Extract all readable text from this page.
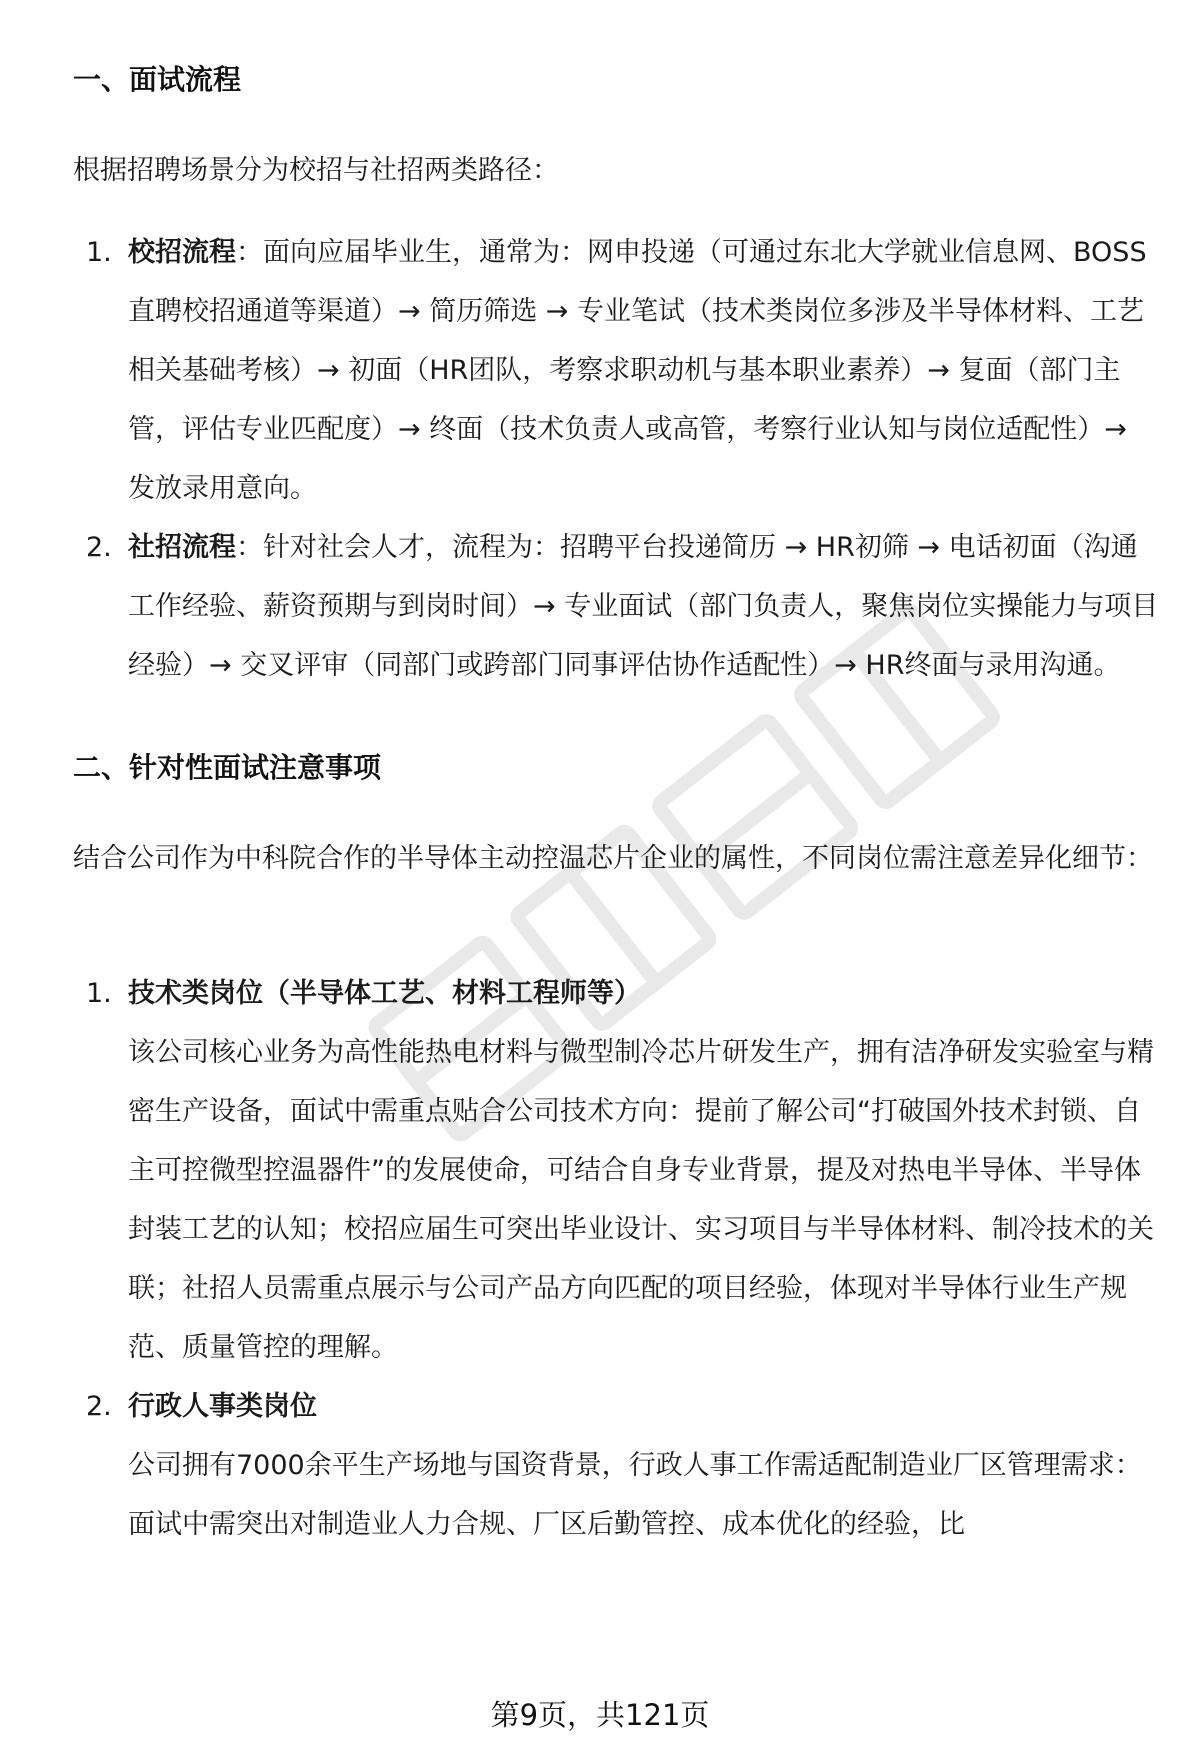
一、面试流程

根据招聘场景分为校招与社招两类路径：

1. 校招流程：面向应届毕业生，通常为：网申投递（可通过东北大学就业信息网、BOSS直聘校招通道等渠道）→ 简历筛选 → 专业笔试（技术类岗位多涉及半导体材料、工艺相关基础考核）→ 初面（HR团队，考察求职动机与基本职业素养）→ 复面（部门主管，评估专业匹配度）→ 终面（技术负责人或高管，考察行业认知与岗位适配性）→ 发放录用意向。
2. 社招流程：针对社会人才，流程为：招聘平台投递简历 → HR初筛 → 电话初面（沟通工作经验、薪资预期与到岗时间）→ 专业面试（部门负责人，聚焦岗位实操能力与项目经验）→ 交叉评审（同部门或跨部门同事评估协作适配性）→ HR终面与录用沟通。
二、针对性面试注意事项

结合公司作为中科院合作的半导体主动控温芯片企业的属性，不同岗位需注意差异化细节：

1. 技术类岗位（半导体工艺、材料工程师等）
该公司核心业务为高性能热电材料与微型制冷芯片研发生产，拥有洁净研发实验室与精密生产设备，面试中需重点贴合公司技术方向：提前了解公司“打破国外技术封锁、自主可控微型控温器件”的发展使命，可结合自身专业背景，提及对热电半导体、半导体封装工艺的认知；校招应届生可突出毕业设计、实习项目与半导体材料、制冷技术的关联；社招人员需重点展示与公司产品方向匹配的项目经验，体现对半导体行业生产规范、质量管控的理解。
2. 行政人事类岗位
公司拥有7000余平生产场地与国资背景，行政人事工作需适配制造业厂区管理需求：面试中需突出对制造业人力合规、厂区后勤管控、成本优化的经验，比
第9页，共121页
